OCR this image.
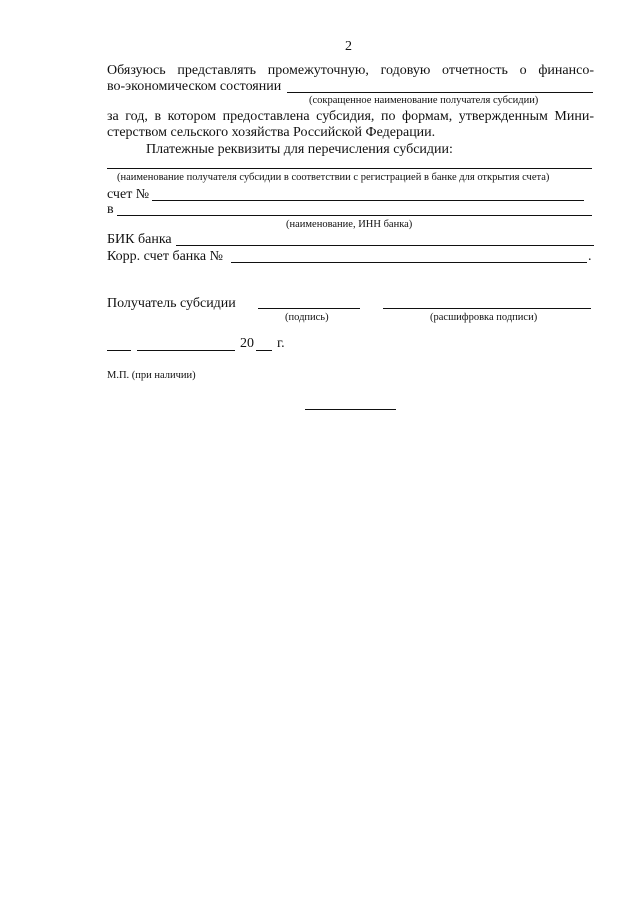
2
Обязуюсь представлять промежуточную, годовую отчетность о финансо-
во-экономическом состоянии
(сокращенное наименование получателя субсидии)
за год, в котором предоставлена субсидия, по формам, утвержденным Мини-
стерством сельского хозяйства Российской Федерации.
Платежные реквизиты для перечисления субсидии:
(наименование получателя субсидии в соответствии с регистрацией в банке для открытия счета)
счет №
в
(наименование, ИНН банка)
БИК банка
Корр. счет банка №	.
Получатель субсидии
(подпись)	(расшифровка подписи)
20 г.
М.П. (при наличии)
